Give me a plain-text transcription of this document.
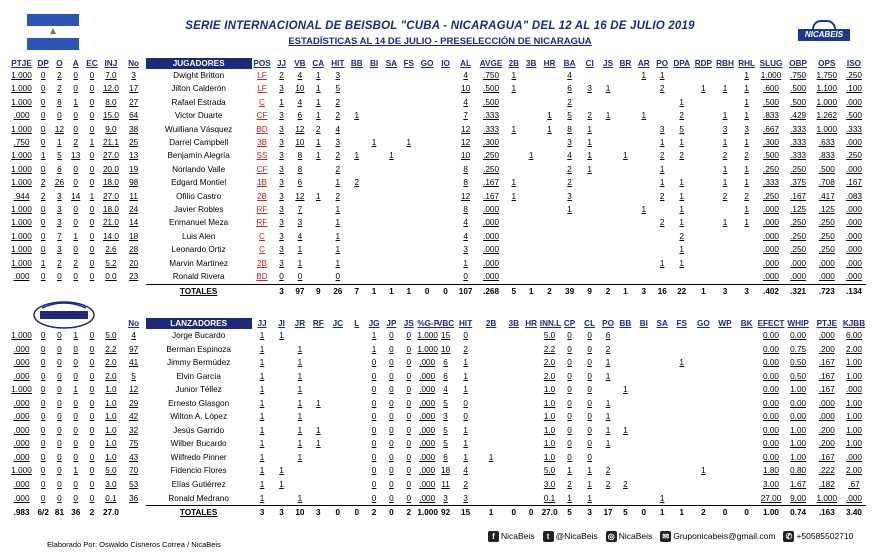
SERIE INTERNACIONAL DE BEISBOL "CUBA - NICARAGUA" DEL 12 AL 16 DE JULIO 2019
ESTADÍSTICAS AL 14 DE JULIO - PRESELECCIÓN DE NICARAGUA
NICABEIS
PTJE	DP	O	A	EC	INJ	No	JUGADORES	POS	JJ	VB	CA	HIT	BB	BI	SA	FS	GO	IO	AL	AVGE	2B	3B	HR	BA	CI	JS	BR	AR	PO	DPA	RDP	RBH	RHL	SLUG	OBP	OPS	ISO
1.000	0	2	0	0	7.0	3	Dwight Britton	LF	2	4	1	3							4	.750	1			4				1	1				1	1.000	.750	1.750	.250
1.000	0	2	0	0	12.0	17	Jilton Calderón	LF	3	10	1	5							10	.500	1			6	3	1			2		1	1	1	.600	.500	1.100	.100
1.000	0	8	1	0	8.0	27	Rafael Estrada	C	1	4	1	2							4	.500				2						1			1	.500	.500	1.000	.000
.000	0	0	0	0	15.0	64	Victor Duarte	CF	3	6	1	2	1						7	.333			1	5	2	1		1		2		1	1	.833	.429	1.262	.500
1.000	0	12	0	0	9.0	38	Wuilliana Vásquez	BD	3	12	2	4							12	.333	1		1	8	1				3	5		3	3	.667	.333	1.000	.333
.750	0	1	2	1	21.1	25	Darrel Campbell	3B	3	10	1	3		1		1			12	.300				3	1				1	1		1	1	.300	.333	.633	.000
1.000	1	5	13	0	27.0	13	Benjamín Alegría	SS	3	8	1	2	1		1				10	.250		1		4	1		1		2	2		2	2	.500	.333	.833	.250
1.000	0	6	0	0	20.0	19	Norlando Valle	CF	3	8		2							8	.250				2	1				1			1	1	.250	.250	.500	.000
1.000	2	26	0	0	18.0	98	Edgard Montiel	1B	3	6		1	2						8	.167	1			2					1	1		1	1	.333	.375	.708	.167
.944	2	3	14	1	27.0	11	Ofilio Castro	2B	3	12	1	2							12	.167	1			3					2	1		2	2	.250	.167	.417	.083
1.000	0	3	0	0	18.0	24	Javier Robles	RF	3	7		1							8	.000				1				1		1			1	.000	.125	.125	.000
1.000	0	3	0	0	21.0	14	Enmanuel Meza	RF	3	3		1							4	.000									2	1		1	1	.000	.250	.250	.000
1.000	0	7	1	0	14.0	18	Luis Alen	C	3	4		1							4	.000										2				.000	.250	.250	.000
1.000	0	3	0	0	2.6	28	Leonardo Ortiz	C	3	1		1							3	.000										1				.000	.250	.250	.000
1.000	1	2	2	0	5.2	20	Marvin Martínez	2B	3	1		1							1	.000									1	1				.000	.000	.000	.000
.000	0	0	0	0	0.0	23	Ronald Rivera	BD	0	0		0							0	.000														.000	.000	.000	.000
							TOTALES		3	97	9	26	7	1	1	1	0	0	107	.268	5	1	2	39	9	2	1	3	16	22	1	3	3	.402	.321	.723	.134
						No	LANZADORES	JJ	JI	JR	RF	JC	L	JG	JP	JS	%G-P	VBC	HIT	2B	3B	HR	INN.L	CP	CL	PO	BB	BI	SA	FS	GO	WP	BK	EFECT	WHIP	PTJE	KJBB
1.000	0	0	1	0	5.0	4	Jorge Bucardo	1	1					1	0	0	1.000	15	0				5.0	0	0	6								0.00	0.00	.000	6.00
.000	0	0	0	0	2.2	97	Berman Espinoza	1		1				1	0	0	1.000	10	2				2.2	0	0	2								0.00	0.75	.200	2.00
.000	0	0	0	0	2.0	41	Jimmy Bermúdez	1		1				0	0	0	.000	6	1				2.0	0	0	1				1				0.00	0.50	.167	1.00
.000	0	0	0	0	2.0	5	Elvin García	1		1				0	0	0	.000	6	1				2.0	0	0	1								0.00	0.50	.167	1.00
1.000	0	0	1	0	1.0	12	Junior Téllez	1		1				0	0	0	.000	4	1				1.0	0	0		1							0.00	1.00	.167	.000
.000	0	0	0	0	1.0	29	Ernesto Glasgon	1		1	1			0	0	0	.000	5	0				1.0	0	0	1								0.00	0.00	.000	1.00
.000	0	0	0	0	1.0	42	Wilton A. López	1		1				0	0	0	.000	3	0				1.0	0	0	1								0.00	0.00	.000	1.00
.000	0	0	0	0	1.0	32	Jesús Garrido	1		1	1			0	0	0	.000	5	1				1.0	0	0	1	1							0.00	1.00	.200	1.00
.000	0	0	0	0	1.0	75	Wilber Bucardo	1		1	1			0	0	0	.000	5	1				1.0	0	0	1								0.00	1.00	.200	1.00
.000	0	0	0	0	1.0	43	Wilfredo Pinner	1		1				0	0	0	.000	6	1	1			1.0	0	0									0.00	1.00	.167	.000
1.000	0	0	1	0	5.0	70	Fidencio Flores	1	1					0	0	0	.000	18	4				5.0	1	1	2					1			1.80	0.80	.222	2.00
.000	0	0	0	0	3.0	53	Elías Gutiérrez	1	1					0	0	0	.000	11	2				3.0	2	1	2	2							3.00	1.67	.182	.67
.000	0	0	0	0	0.1	36	Ronald Medrano	1		1				0	0	0	.000	3	3				0.1	1	1				1					27.00	9.00	1.000	.000
.983	6/2	81	36	2	27.0		TOTALES	3	3	10	3	0	0	2	0	2	1.000	92	15	1	0	0	27.0	5	3	17	5	0	1	1	2	0	0	1.00	0.74	.163	3.40
Elaborado Por: Oswaldo Cisneros Correa / NicaBeis
f NicaBeis	t @NicaBeis ◎ NicaBeis ✉ Gruponicabeis@gmail.com ✆ +50585502710
